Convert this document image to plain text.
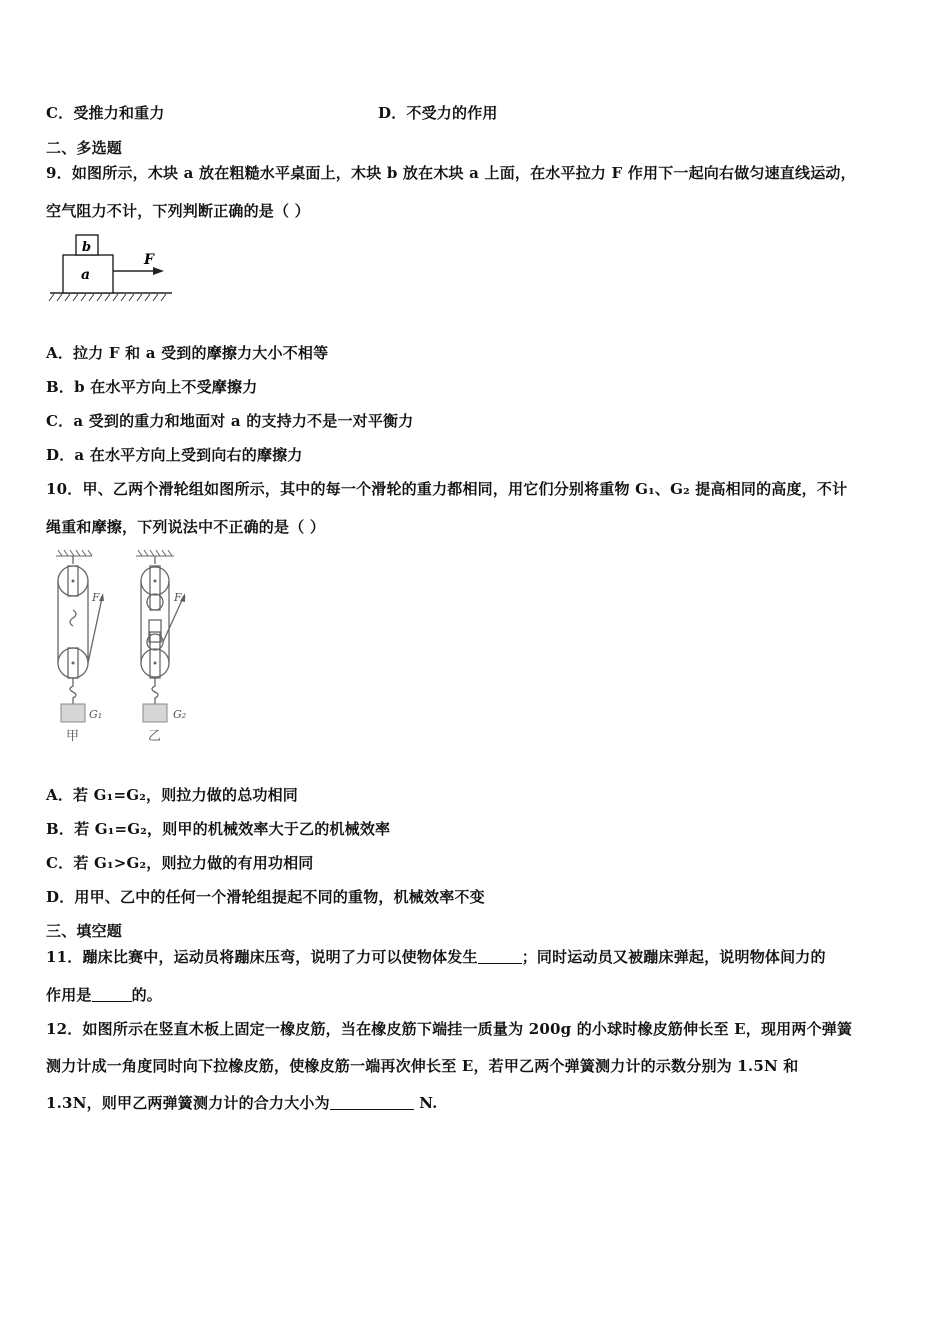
C．受推力和重力	D．不受力的作用
二、多选题
9．如图所示，木块 a 放在粗糙水平桌面上，木块 b 放在木块 a 上面，在水平拉力 F 作用下一起向右做匀速直线运动，
空气阻力不计，下列判断正确的是（ ）
a
b
F
A．拉力 F 和 a 受到的摩擦力大小不相等
B．b 在水平方向上不受摩擦力
C．a 受到的重力和地面对 a 的支持力不是一对平衡力
D．a 在水平方向上受到向右的摩擦力
10．甲、乙两个滑轮组如图所示，其中的每一个滑轮的重力都相同，用它们分别将重物 G₁、G₂ 提高相同的高度，不计
绳重和摩擦，下列说法中不正确的是（ ）
F₁
G₁
甲
F₂
G₂
乙
A．若 G₁=G₂，则拉力做的总功相同
B．若 G₁=G₂，则甲的机械效率大于乙的机械效率
C．若 G₁>G₂，则拉力做的有用功相同
D．用甲、乙中的任何一个滑轮组提起不同的重物，机械效率不变
三、填空题
11．蹦床比赛中，运动员将蹦床压弯，说明了力可以使物体发生	；同时运动员又被蹦床弹起，说明物体间力的
作用是	的。
12．如图所示在竖直木板上固定一橡皮筋，当在橡皮筋下端挂一质量为 200g 的小球时橡皮筋伸长至 E，现用两个弹簧
测力计成一角度同时向下拉橡皮筋，使橡皮筋一端再次伸长至 E，若甲乙两个弹簧测力计的示数分别为 1.5N 和
1.3N，则甲乙两弹簧测力计的合力大小为	N.
